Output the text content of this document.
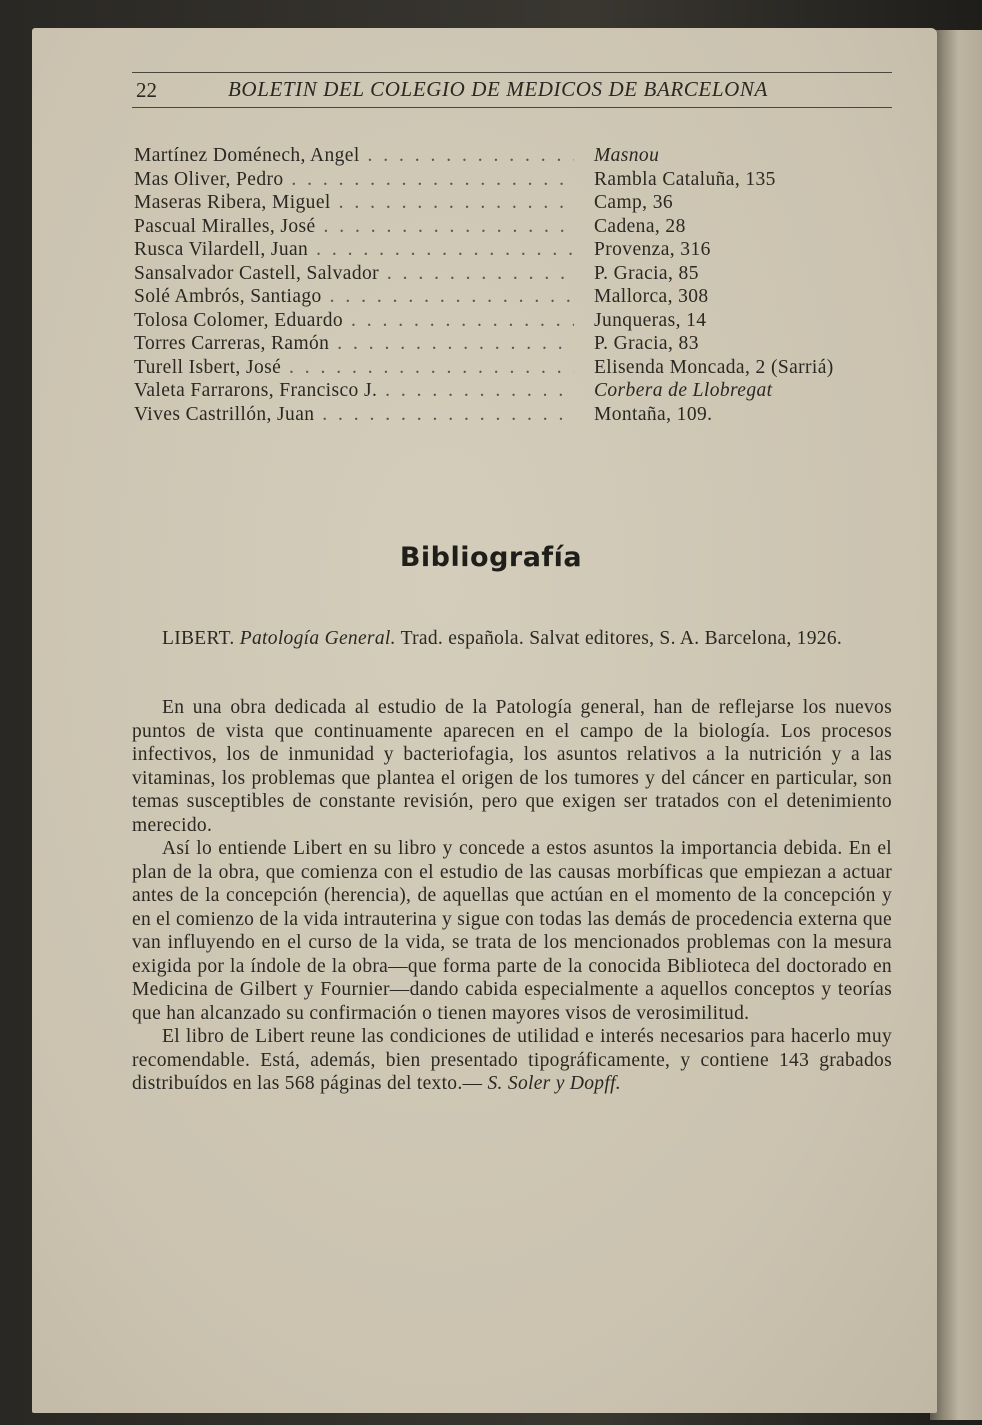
22	BOLETIN DEL COLEGIO DE MEDICOS DE BARCELONA
Martínez Doménech, Angel . . .	Masnou
Mas Oliver, Pedro . . .	Rambla Cataluña, 135
Maseras Ribera, Miguel . . .	Camp, 36
Pascual Miralles, José . . .	Cadena, 28
Rusca Vilardell, Juan . . .	Provenza, 316
Sansalvador Castell, Salvador . . .	P. Gracia, 85
Solé Ambrós, Santiago . . .	Mallorca, 308
Tolosa Colomer, Eduardo . . .	Junqueras, 14
Torres Carreras, Ramón . . .	P. Gracia, 83
Turell Isbert, José . . .	Elisenda Moncada, 2 (Sarriá)
Valeta Farrarons, Francisco J. . . .	Corbera de Llobregat
Vives Castrillón, Juan . . .	Montaña, 109.
Bibliografía
LIBERT. Patología General. Trad. española. Salvat editores, S. A. Barcelona, 1926.

En una obra dedicada al estudio de la Patología general, han de reflejarse los nuevos puntos de vista que continuamente aparecen en el campo de la biología. Los procesos infectivos, los de inmunidad y bacteriofagia, los asuntos relativos a la nutrición y a las vitaminas, los problemas que plantea el origen de los tumores y del cáncer en particular, son temas susceptibles de constante revisión, pero que exigen ser tratados con el detenimiento merecido.

Así lo entiende Libert en su libro y concede a estos asuntos la importancia debida. En el plan de la obra, que comienza con el estudio de las causas morbíficas que empiezan a actuar antes de la concepción (herencia), de aquellas que actúan en el momento de la concepción y en el comienzo de la vida intrauterina y sigue con todas las demás de procedencia externa que van influyendo en el curso de la vida, se trata de los mencionados problemas con la mesura exigida por la índole de la obra—que forma parte de la conocida Biblioteca del doctorado en Medicina de Gilbert y Fournier—dando cabida especialmente a aquellos conceptos y teorías que han alcanzado su confirmación o tienen mayores visos de verosimilitud.

El libro de Libert reune las condiciones de utilidad e interés necesarios para hacerlo muy recomendable. Está, además, bien presentado tipográficamente, y contiene 143 grabados distribuídos en las 568 páginas del texto.— S. Soler y Dopff.
